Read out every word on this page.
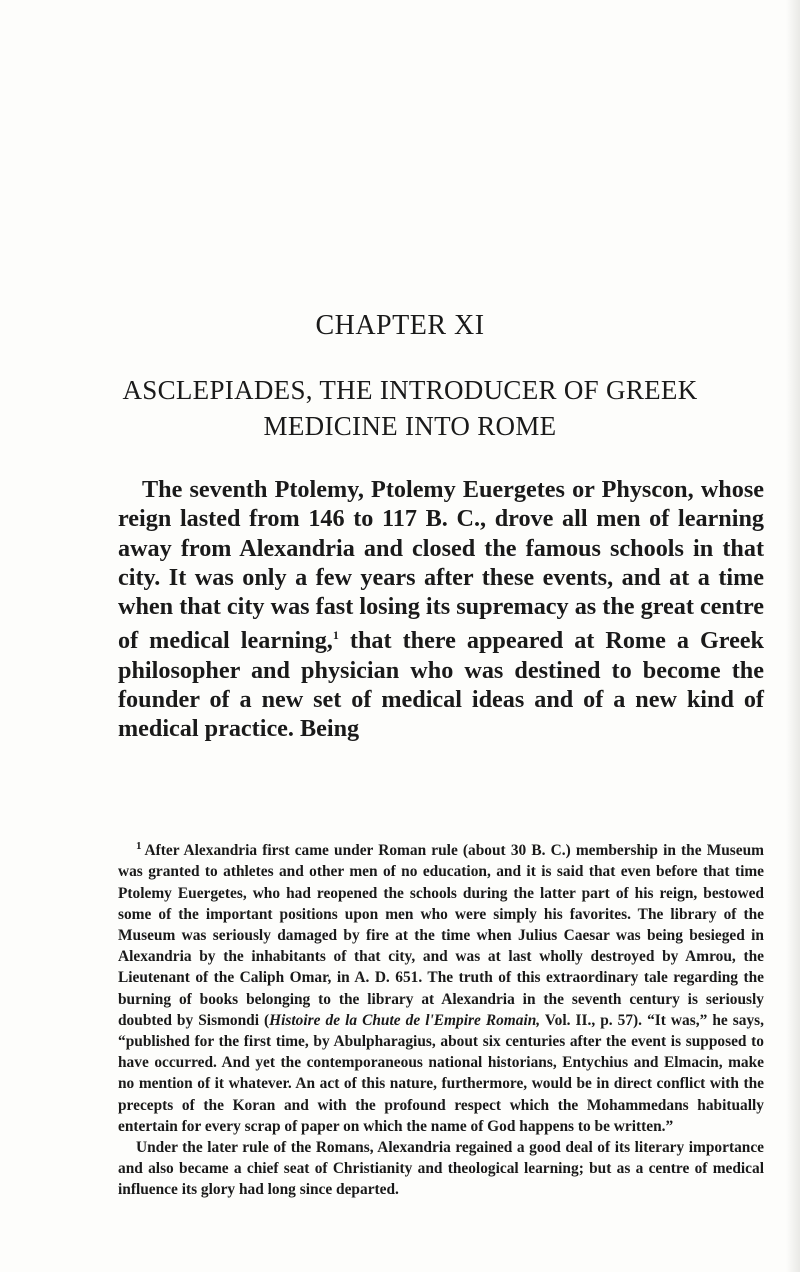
CHAPTER XI
ASCLEPIADES, THE INTRODUCER OF GREEK
MEDICINE INTO ROME

The seventh Ptolemy, Ptolemy Euergetes or Physcon, whose reign lasted from 146 to 117 B. C., drove all men of learning away from Alexandria and closed the famous schools in that city. It was only a few years after these events, and at a time when that city was fast losing its supremacy as the great centre of medical learning,$^1$ that there appeared at Rome a Greek philosopher and physician who was destined to become the founder of a new set of medical ideas and of a new kind of medical practice. Being

$^1$ After Alexandria first came under Roman rule (about 30 B. C.) membership in the Museum was granted to athletes and other men of no education, and it is said that even before that time Ptolemy Euergetes, who had reopened the schools during the latter part of his reign, bestowed some of the important positions upon men who were simply his favorites. The library of the Museum was seriously damaged by fire at the time when Julius Caesar was being besieged in Alexandria by the inhabitants of that city, and was at last wholly destroyed by Amrou, the Lieutenant of the Caliph Omar, in A. D. 651. The truth of this extraordinary tale regarding the burning of books belonging to the library at Alexandria in the seventh century is seriously doubted by Sismondi (Histoire de la Chute de l'Empire Romain, Vol. II., p. 57). “It was,” he says, “published for the first time, by Abulpharagius, about six centuries after the event is supposed to have occurred. And yet the contemporaneous national historians, Entychius and Elmacin, make no mention of it whatever. An act of this nature, furthermore, would be in direct conflict with the precepts of the Koran and with the profound respect which the Mohammedans habitually entertain for every scrap of paper on which the name of God happens to be written.”

Under the later rule of the Romans, Alexandria regained a good deal of its literary importance and also became a chief seat of Christianity and theological learning; but as a centre of medical influence its glory had long since departed.
